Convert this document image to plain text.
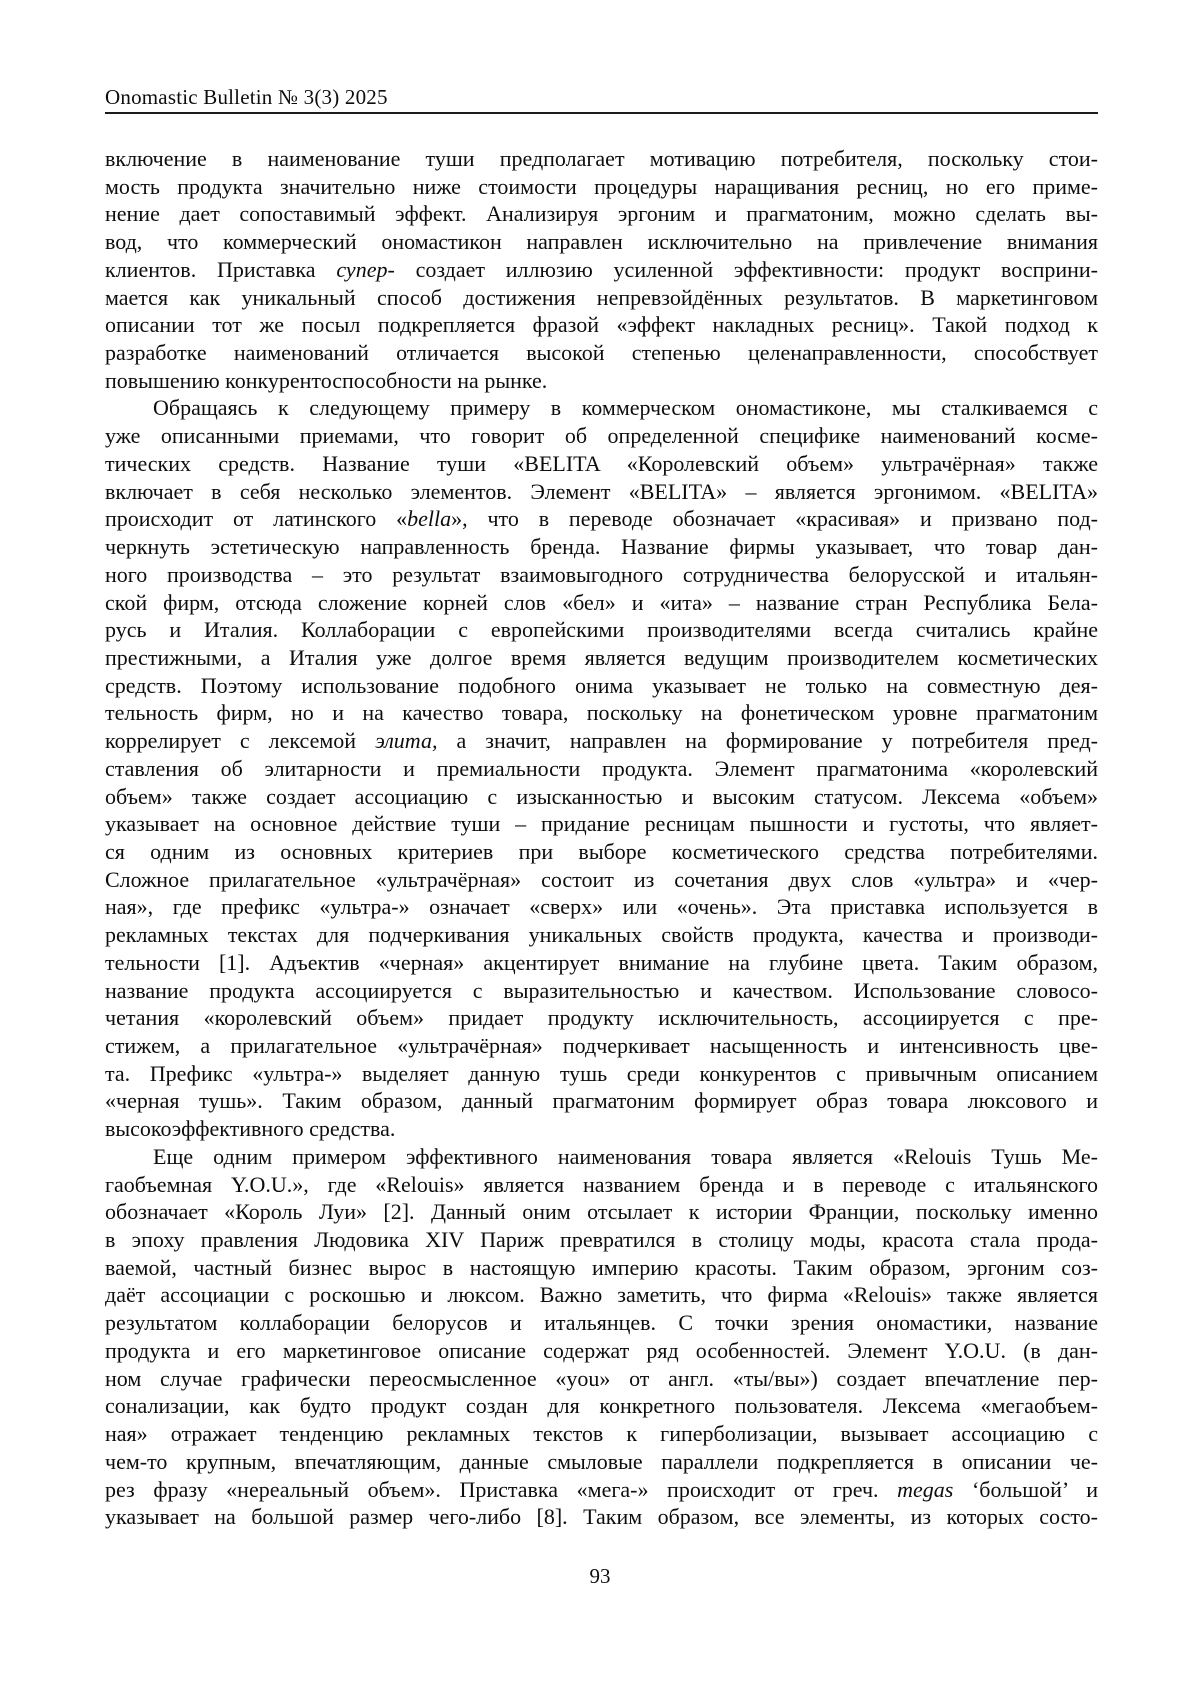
Onomastic Bulletin № 3(3) 2025
включение в наименование туши предполагает мотивацию потребителя, поскольку стои-
мость продукта значительно ниже стоимости процедуры наращивания ресниц, но его приме-
нение дает сопоставимый эффект. Анализируя эргоним и прагматоним, можно сделать вы-
вод, что коммерческий ономастикон направлен исключительно на привлечение внимания
клиентов. Приставка супер- создает иллюзию усиленной эффективности: продукт восприни-
мается как уникальный способ достижения непревзойдённых результатов. В маркетинговом
описании тот же посыл подкрепляется фразой «эффект накладных ресниц». Такой подход к
разработке наименований отличается высокой степенью целенаправленности, способствует
повышению конкурентоспособности на рынке.
Обращаясь к следующему примеру в коммерческом ономастиконе, мы сталкиваемся с
уже описанными приемами, что говорит об определенной специфике наименований косме-
тических средств. Название туши «BELITA «Королевский объем» ультрачёрная» также
включает в себя несколько элементов. Элемент «BELITA» – является эргонимом. «BELITA»
происходит от латинского «bella», что в переводе обозначает «красивая» и призвано под-
черкнуть эстетическую направленность бренда. Название фирмы указывает, что товар дан-
ного производства – это результат взаимовыгодного сотрудничества белорусской и итальян-
ской фирм, отсюда сложение корней слов «бел» и «ита» – название стран Республика Бела-
русь и Италия. Коллаборации с европейскими производителями всегда считались крайне
престижными, а Италия уже долгое время является ведущим производителем косметических
средств. Поэтому использование подобного онима указывает не только на совместную дея-
тельность фирм, но и на качество товара, поскольку на фонетическом уровне прагматоним
коррелирует с лексемой элита, а значит, направлен на формирование у потребителя пред-
ставления об элитарности и премиальности продукта. Элемент прагматонима «королевский
объем» также создает ассоциацию с изысканностью и высоким статусом. Лексема «объем»
указывает на основное действие туши – придание ресницам пышности и густоты, что являет-
ся одним из основных критериев при выборе косметического средства потребителями.
Сложное прилагательное «ультрачёрная» состоит из сочетания двух слов «ультра» и «чер-
ная», где префикс «ультра-» означает «сверх» или «очень». Эта приставка используется в
рекламных текстах для подчеркивания уникальных свойств продукта, качества и производи-
тельности [1]. Адъектив «черная» акцентирует внимание на глубине цвета. Таким образом,
название продукта ассоциируется с выразительностью и качеством. Использование словосо-
четания «королевский объем» придает продукту исключительность, ассоциируется с пре-
стижем, а прилагательное «ультрачёрная» подчеркивает насыщенность и интенсивность цве-
та. Префикс «ультра-» выделяет данную тушь среди конкурентов с привычным описанием
«черная тушь». Таким образом, данный прагматоним формирует образ товара люксового и
высокоэффективного средства.
Еще одним примером эффективного наименования товара является «Relouis Тушь Ме-
гаобъемная Y.O.U.», где «Relouis» является названием бренда и в переводе с итальянского
обозначает «Король Луи» [2]. Данный оним отсылает к истории Франции, поскольку именно
в эпоху правления Людовика XIV Париж превратился в столицу моды, красота стала прода-
ваемой, частный бизнес вырос в настоящую империю красоты. Таким образом, эргоним соз-
даёт ассоциации с роскошью и люксом. Важно заметить, что фирма «Relouis» также является
результатом коллаборации белорусов и итальянцев. С точки зрения ономастики, название
продукта и его маркетинговое описание содержат ряд особенностей. Элемент Y.O.U. (в дан-
ном случае графически переосмысленное «you» от англ. «ты/вы») создает впечатление пер-
сонализации, как будто продукт создан для конкретного пользователя. Лексема «мегаобъем-
ная» отражает тенденцию рекламных текстов к гиперболизации, вызывает ассоциацию с
чем-то крупным, впечатляющим, данные смыловые параллели подкрепляется в описании че-
рез фразу «нереальный объем». Приставка «мега-» происходит от греч. megas ‘большой’ и
указывает на большой размер чего-либо [8]. Таким образом, все элементы, из которых состо-
93
